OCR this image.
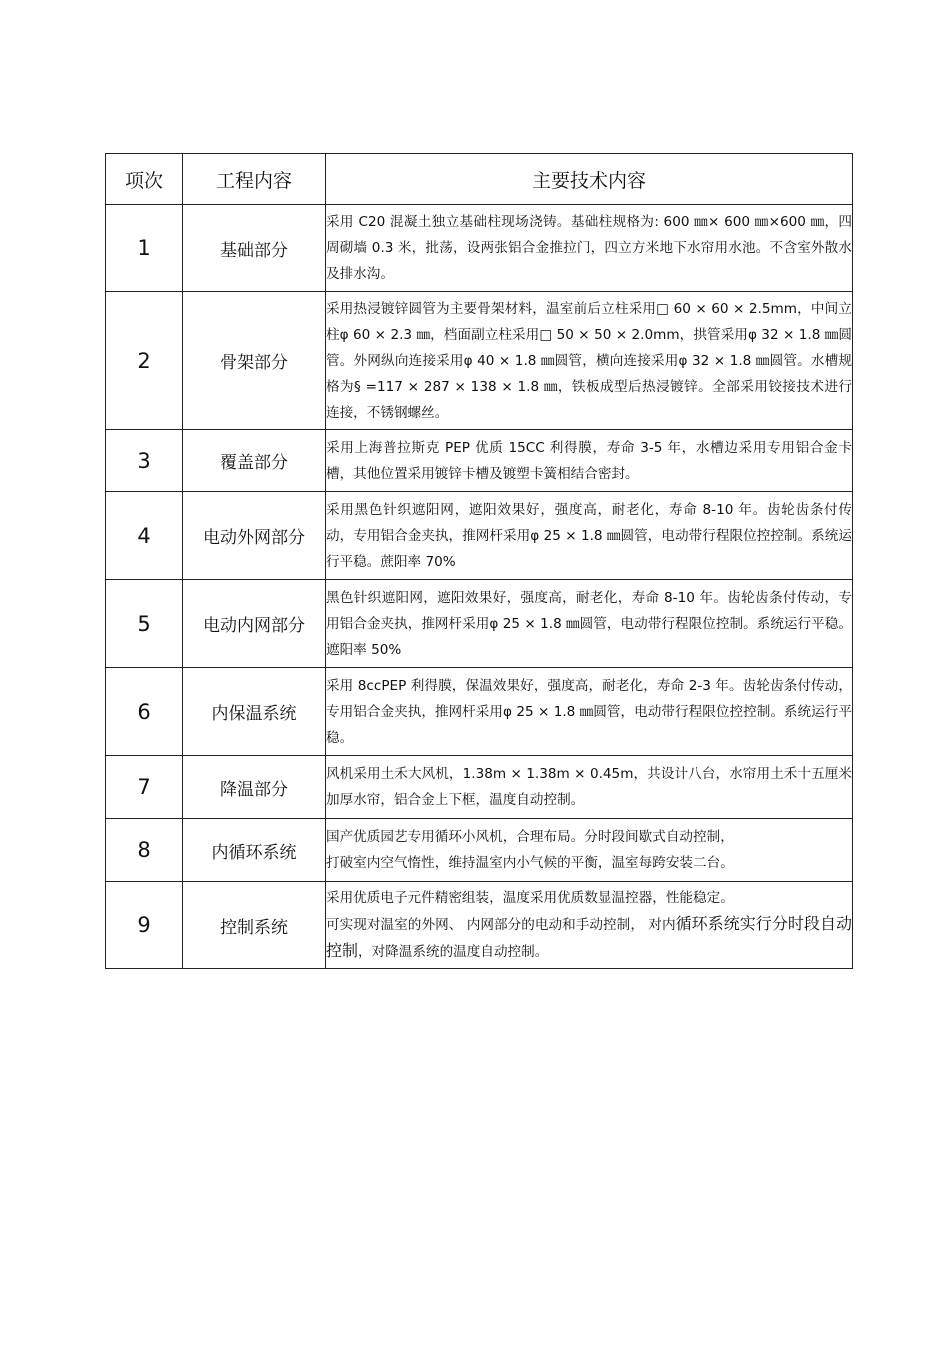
项次	工程内容	主要技术内容
1	基础部分	采用 C20 混凝土独立基础柱现场浇铸。基础柱规格为: 600 ㎜× 600 ㎜×600 ㎜，四周砌墙 0.3 米，批荡，设两张铝合金推拉门，四立方米地下水帘用水池。不含室外散水及排水沟。
2	骨架部分	采用热浸镀锌圆管为主要骨架材料，温室前后立柱采用□ 60 × 60 × 2.5mm，中间立柱φ 60 × 2.3 ㎜，档面副立柱采用□ 50 × 50 × 2.0mm，拱管采用φ 32 × 1.8 ㎜圆管。外网纵向连接采用φ 40 × 1.8 ㎜圆管，横向连接采用φ 32 × 1.8 ㎜圆管。水槽规格为§ =117 × 287 × 138 × 1.8 ㎜，铁板成型后热浸镀锌。全部采用铰接技术进行连接，不锈钢螺丝。
3	覆盖部分	采用上海普拉斯克 PEP 优质 15CC 利得膜，寿命 3-5 年，水槽边采用专用铝合金卡槽，其他位置采用镀锌卡槽及镀塑卡簧相结合密封。
4	电动外网部分	采用黑色针织遮阳网，遮阳效果好，强度高，耐老化，寿命 8-10 年。齿轮齿条付传动，专用铝合金夹执，推网杆采用φ 25 × 1.8 ㎜圆管，电动带行程限位控控制。系统运行平稳。蔗阳率 70%
5	电动内网部分	黑色针织遮阳网，遮阳效果好，强度高，耐老化，寿命 8-10 年。齿轮齿条付传动，专用铝合金夹执，推网杆采用φ 25 × 1.8 ㎜圆管，电动带行程限位控制。系统运行平稳。遮阳率 50%
6	内保温系统	采用 8ccPEP 利得膜，保温效果好，强度高，耐老化，寿命 2-3 年。齿轮齿条付传动，专用铝合金夹执，推网杆采用φ 25 × 1.8 ㎜圆管，电动带行程限位控控制。系统运行平稳。
7	降温部分	风机采用土禾大风机，1.38m × 1.38m × 0.45m，共设计八台，水帘用土禾十五厘米加厚水帘，铝合金上下框，温度自动控制。
8	内循环系统	国产优质园艺专用循环小风机，合理布局。分时段间歇式自动控制，
打破室内空气惰性，维持温室内小气候的平衡，温室每跨安装二台。

9	控制系统	采用优质电子元件精密组装，温度采用优质数显温控器，性能稳定。
可实现对温室的外网、 内网部分的电动和手动控制， 对内循环系统实行分时段自动控制，对降温系统的温度自动控制。
